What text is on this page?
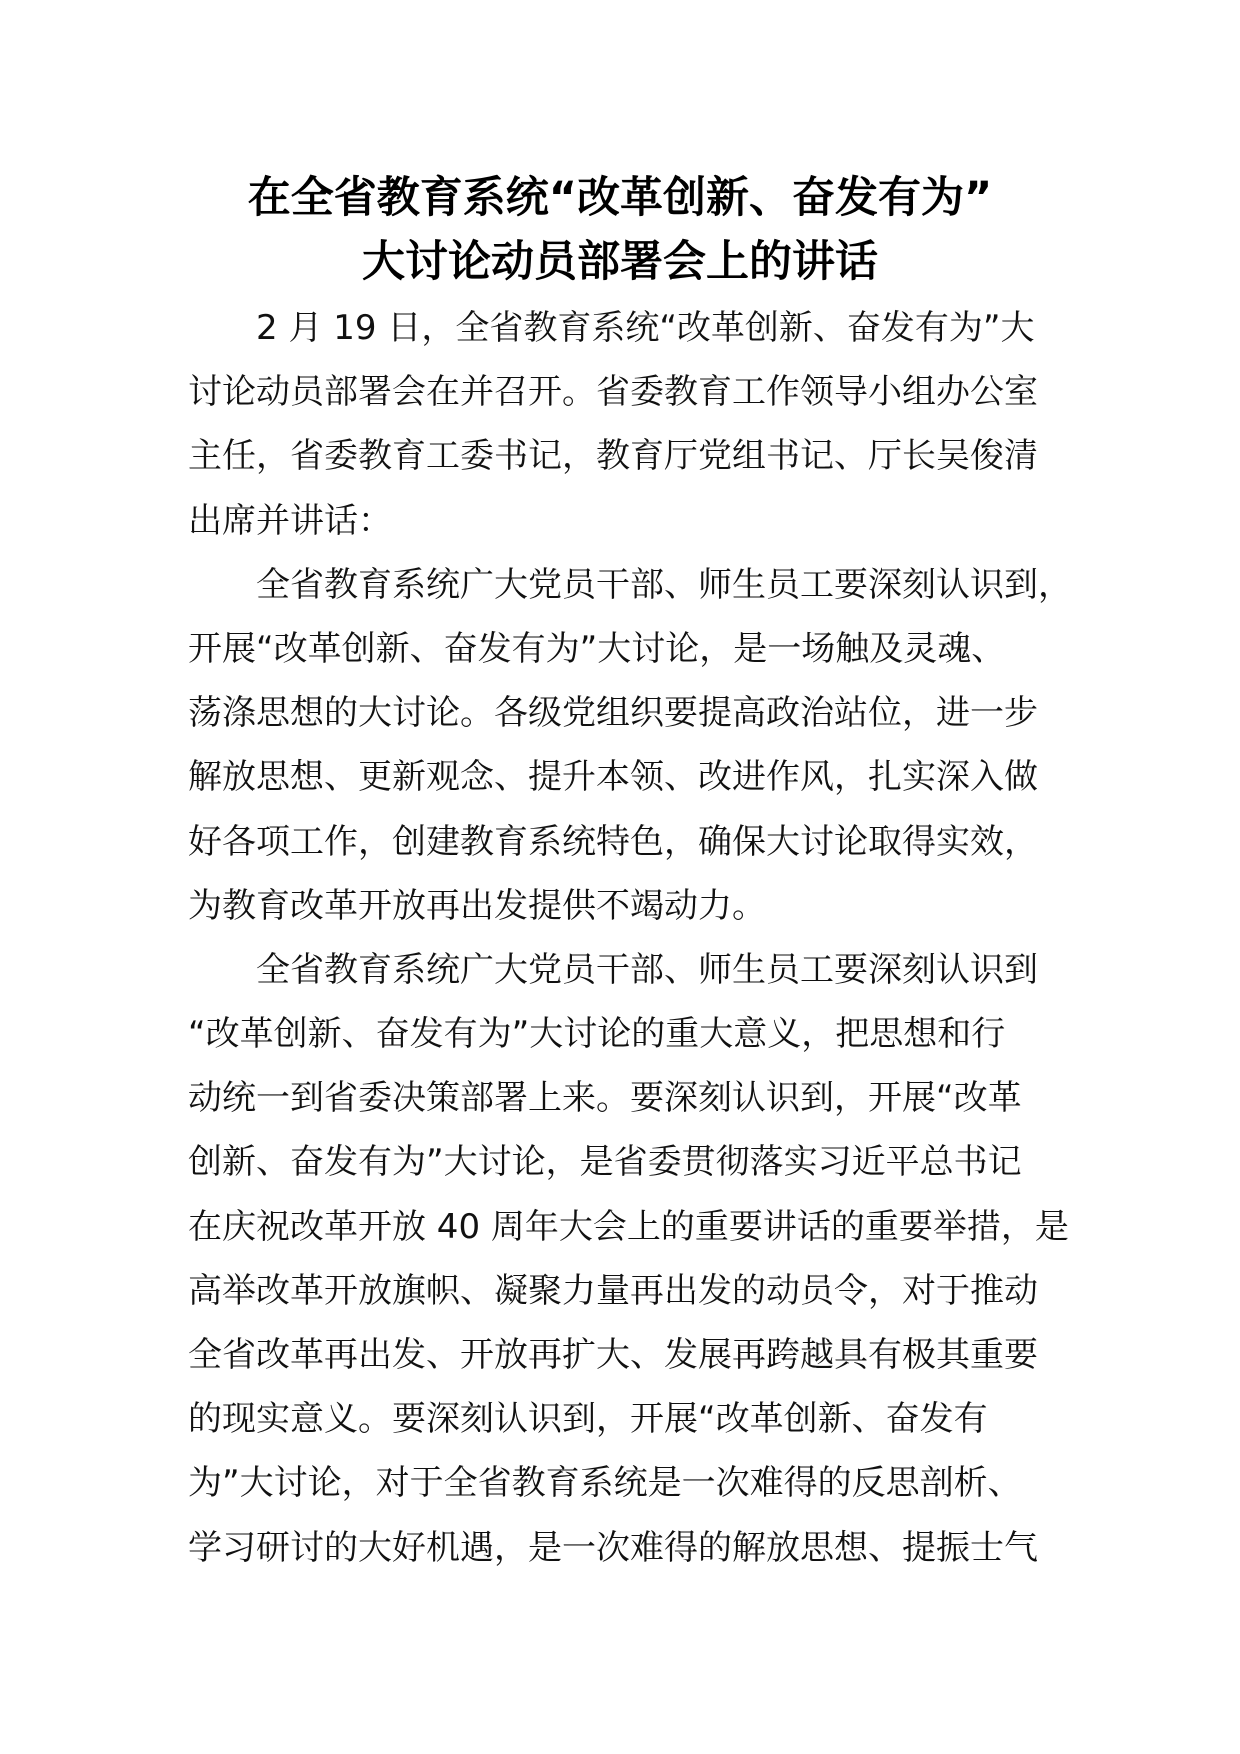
在全省教育系统“改革创新、奋发有为”
大讨论动员部署会上的讲话

2 月 19 日，全省教育系统“改革创新、奋发有为”大
讨论动员部署会在并召开。省委教育工作领导小组办公室
主任，省委教育工委书记，教育厅党组书记、厅长吴俊清
出席并讲话：

全省教育系统广大党员干部、师生员工要深刻认识到，
开展“改革创新、奋发有为”大讨论，是一场触及灵魂、
荡涤思想的大讨论。各级党组织要提高政治站位，进一步
解放思想、更新观念、提升本领、改进作风，扎实深入做
好各项工作，创建教育系统特色，确保大讨论取得实效，
为教育改革开放再出发提供不竭动力。

全省教育系统广大党员干部、师生员工要深刻认识到
“改革创新、奋发有为”大讨论的重大意义，把思想和行
动统一到省委决策部署上来。要深刻认识到，开展“改革
创新、奋发有为”大讨论，是省委贯彻落实习近平总书记
在庆祝改革开放 40 周年大会上的重要讲话的重要举措，是
高举改革开放旗帜、凝聚力量再出发的动员令，对于推动
全省改革再出发、开放再扩大、发展再跨越具有极其重要
的现实意义。要深刻认识到，开展“改革创新、奋发有
为”大讨论，对于全省教育系统是一次难得的反思剖析、
学习研讨的大好机遇，是一次难得的解放思想、提振士气
